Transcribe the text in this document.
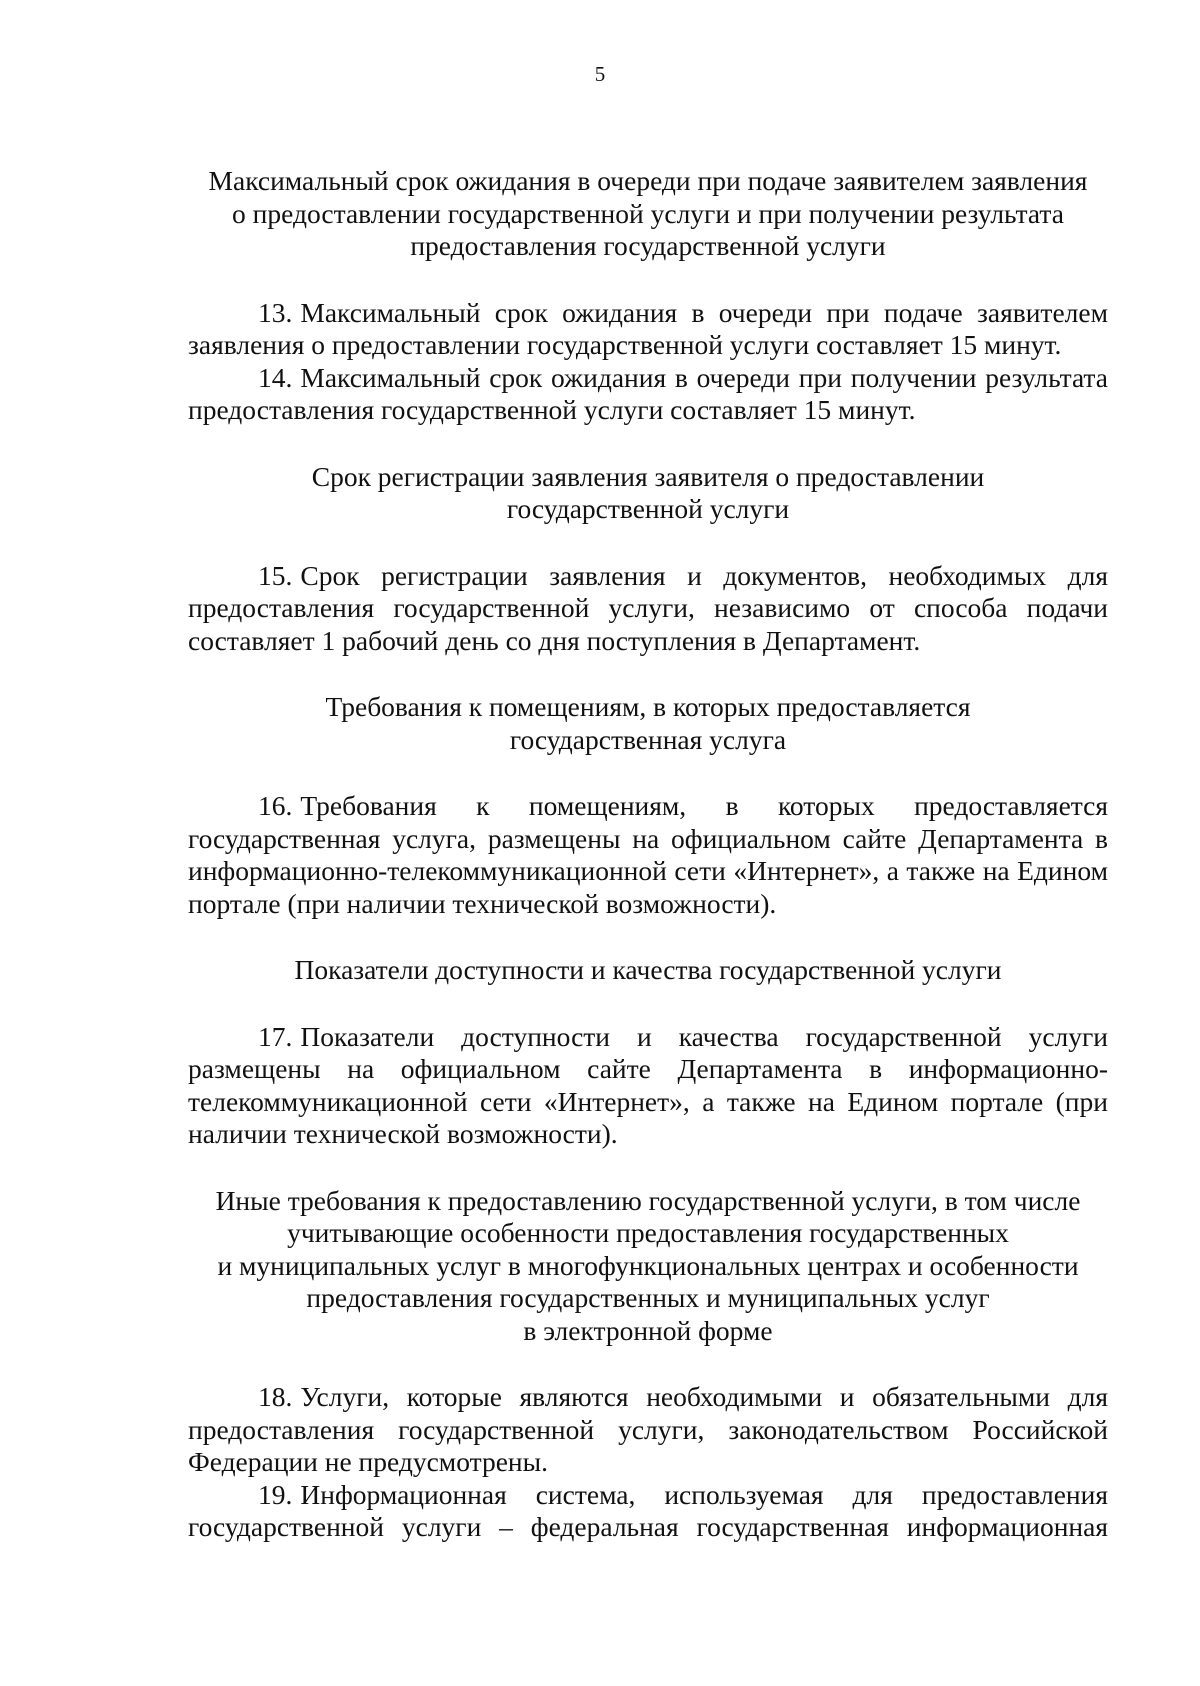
5
Максимальный срок ожидания в очереди при подаче заявителем заявления
о предоставлении государственной услуги и при получении результата
предоставления государственной услуги

13. Максимальный срок ожидания в очереди при подаче заявителем заявления о предоставлении государственной услуги составляет 15 минут.

14. Максимальный срок ожидания в очереди при получении результата предоставления государственной услуги составляет 15 минут.

Срок регистрации заявления заявителя о предоставлении
государственной услуги

15. Срок регистрации заявления и документов, необходимых для предоставления государственной услуги, независимо от способа подачи составляет 1 рабочий день со дня поступления в Департамент.

Требования к помещениям, в которых предоставляется
государственная услуга

16. Требования к помещениям, в которых предоставляется государственная услуга, размещены на официальном сайте Департамента в информационно-телекоммуникационной сети «Интернет», а также на Едином портале (при наличии технической возможности).

Показатели доступности и качества государственной услуги

17. Показатели доступности и качества государственной услуги размещены на официальном сайте Департамента в информационно-телекоммуникационной сети «Интернет», а также на Едином портале (при наличии технической возможности).

Иные требования к предоставлению государственной услуги, в том числе
учитывающие особенности предоставления государственных
и муниципальных услуг в многофункциональных центрах и особенности
предоставления государственных и муниципальных услуг
в электронной форме

18. Услуги, которые являются необходимыми и обязательными для предоставления государственной услуги, законодательством Российской Федерации не предусмотрены.

19. Информационная система, используемая для предоставления государственной услуги – федеральная государственная информационная
